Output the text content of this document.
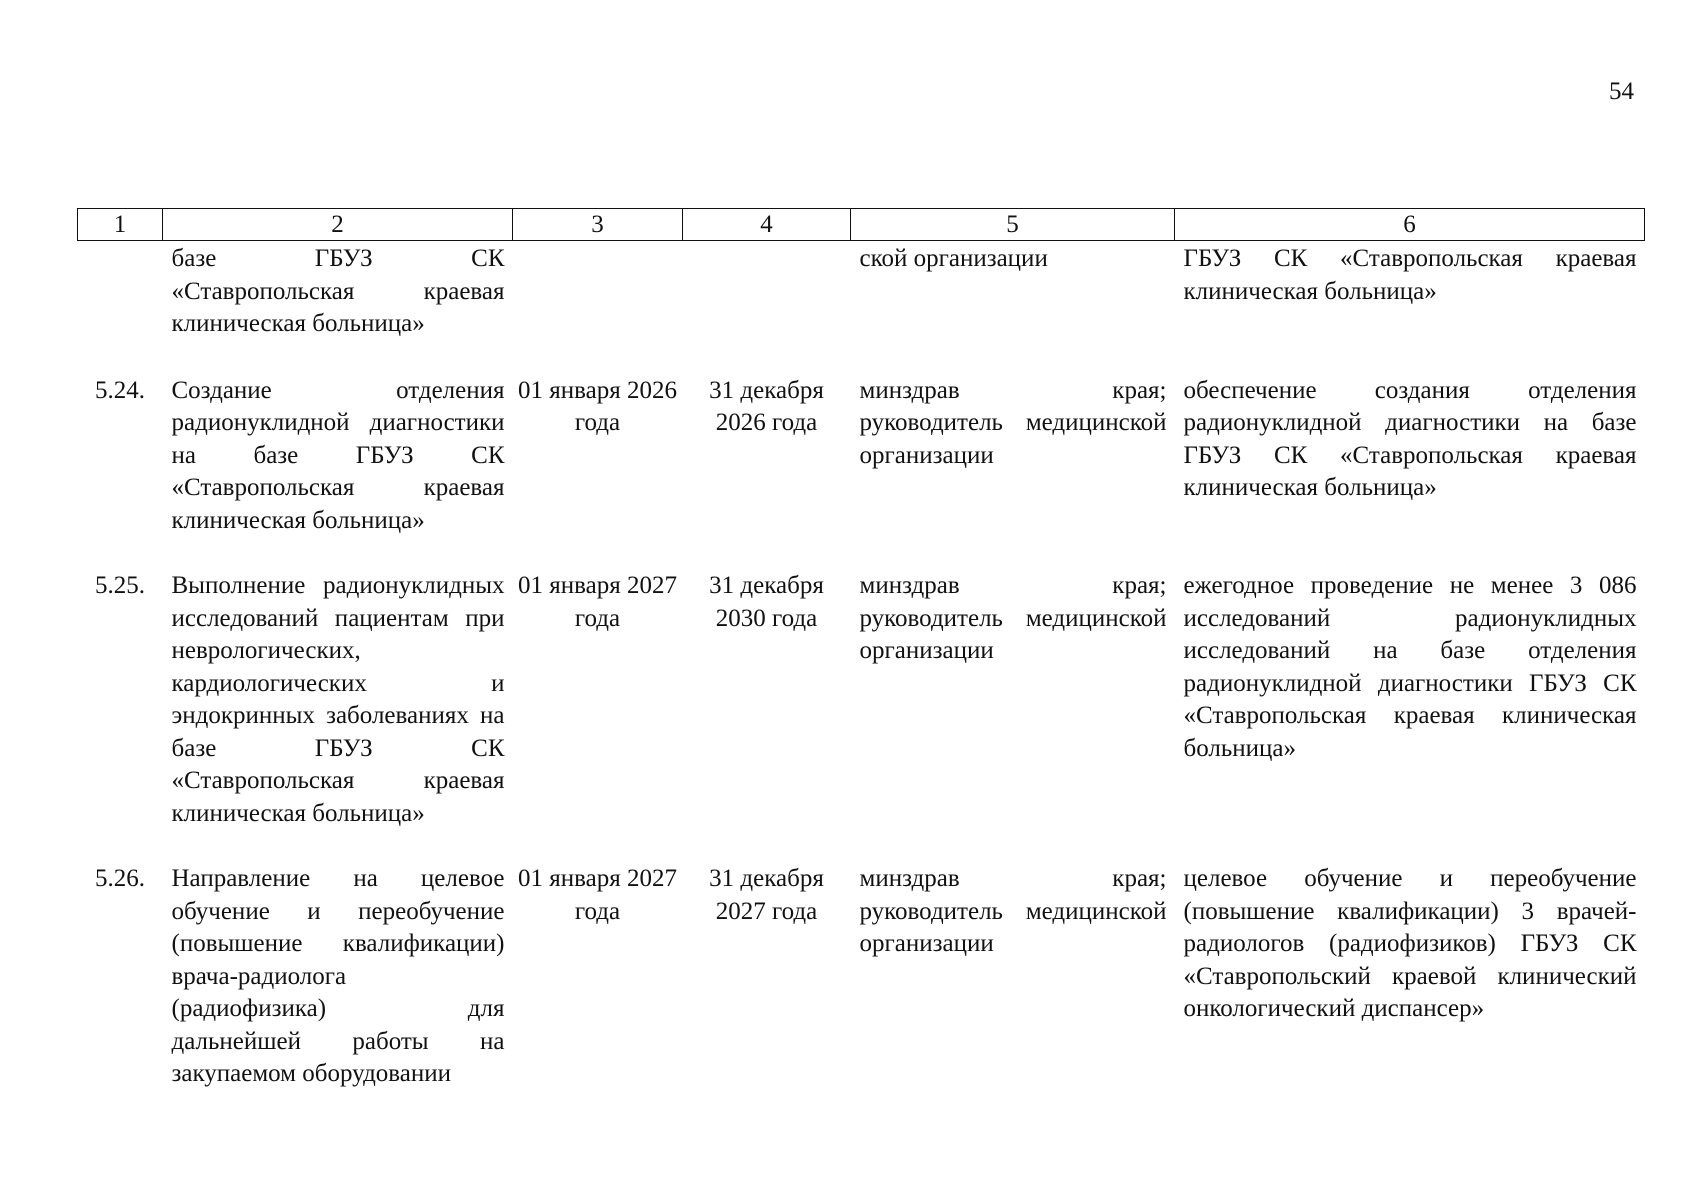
54
1	2	3	4	5	6
	базе ГБУЗ СК «Ставропольская краевая клиническая больница»			ской организации	ГБУЗ СК «Ставропольская краевая клиническая больница»
5.24.	Создание отделения радионуклидной диагностики на базе ГБУЗ СК «Ставропольская краевая клиническая больница»	01 января 2026 года	31 декабря 2026 года	минздрав края; руководитель медицинской организации	обеспечение создания отделения радионуклидной диагностики на базе ГБУЗ СК «Ставропольская краевая клиническая больница»
5.25.	Выполнение радионуклидных исследований пациентам при неврологических, кардиологических и эндокринных заболеваниях на базе ГБУЗ СК «Ставропольская краевая клиническая больница»	01 января 2027 года	31 декабря 2030 года	минздрав края; руководитель медицинской организации	ежегодное проведение не менее 3 086 исследований радионуклидных исследований на базе отделения радионуклидной диагностики ГБУЗ СК «Ставропольская краевая клиническая больница»
5.26.	Направление на целевое обучение и переобучение (повышение квалификации) врача-радиолога (радиофизика) для дальнейшей работы на закупаемом оборудовании	01 января 2027 года	31 декабря 2027 года	минздрав края; руководитель медицинской организации	целевое обучение и переобучение (повышение квалификации) 3 врачей-радиологов (радиофизиков) ГБУЗ СК «Ставропольский краевой клинический онкологический диспансер»
